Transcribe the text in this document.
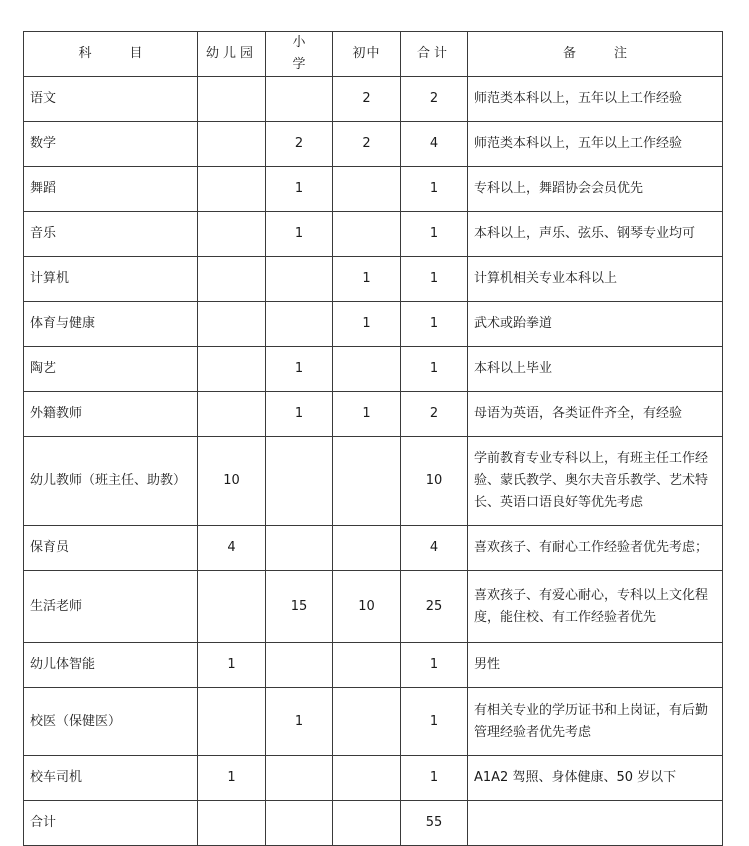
科目	幼儿园	小学	初中	合计	备注
语文			2	2	师范类本科以上，五年以上工作经验
数学		2	2	4	师范类本科以上，五年以上工作经验
舞蹈		1		1	专科以上，舞蹈协会会员优先
音乐		1		1	本科以上，声乐、弦乐、钢琴专业均可
计算机			1	1	计算机相关专业本科以上
体育与健康			1	1	武术或跆拳道
陶艺		1		1	本科以上毕业
外籍教师		1	1	2	母语为英语，各类证件齐全，有经验
幼儿教师（班主任、助教）	10			10	学前教育专业专科以上，有班主任工作经验、蒙氏教学、奥尔夫音乐教学、艺术特长、英语口语良好等优先考虑
保育员	4			4	喜欢孩子、有耐心工作经验者优先考虑；
生活老师		15	10	25	喜欢孩子、有爱心耐心，专科以上文化程度，能住校、有工作经验者优先
幼儿体智能	1			1	男性
校医（保健医）		1		1	有相关专业的学历证书和上岗证，有后勤管理经验者优先考虑
校车司机	1			1	A1A2 驾照、身体健康、50 岁以下
合计				55	
